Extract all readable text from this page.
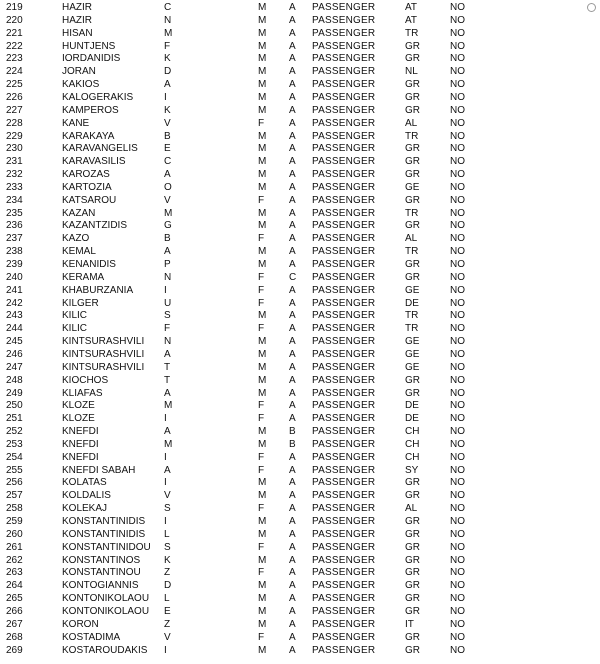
219	HAZIR	C	M A PASSENGER	AT	NO
220	HAZIR	N	M A PASSENGER	AT	NO
221	HISAN	M	M A PASSENGER	TR	NO
222	HUNTJENS	F	M A PASSENGER	GR	NO
223	IORDANIDIS	K	M A PASSENGER	GR	NO
224	JORAN	D	M A PASSENGER	NL	NO
225	KAKIOS	A	M A PASSENGER	GR	NO
226	KALOGERAKIS	I	M A PASSENGER	GR	NO
227	KAMPEROS	K	M A PASSENGER	GR	NO
228	KANE	V	F A PASSENGER	AL	NO
229	KARAKAYA	B	M A PASSENGER	TR	NO
230	KARAVANGELIS	E	M A PASSENGER	GR	NO
231	KARAVASILIS	C	M A PASSENGER	GR	NO
232	KAROZAS	A	M A PASSENGER	GR	NO
233	KARTOZIA	O	M A PASSENGER	GE	NO
234	KATSAROU	V	F A PASSENGER	GR	NO
235	KAZAN	M	M A PASSENGER	TR	NO
236	KAZANTZIDIS	G	M A PASSENGER	GR	NO
237	KAZO	B	F A PASSENGER	AL	NO
238	KEMAL	A	M A PASSENGER	TR	NO
239	KENANIDIS	P	M A PASSENGER	GR	NO
240	KERAMA	N	F C PASSENGER	GR	NO
241	KHABURZANIA	I	F A PASSENGER	GE	NO
242	KILGER	U	F A PASSENGER	DE	NO
243	KILIC	S	M A PASSENGER	TR	NO
244	KILIC	F	F A PASSENGER	TR	NO
245	KINTSURASHVILI N	M A PASSENGER	GE	NO
246	KINTSURASHVILI A	M A PASSENGER	GE	NO
247	KINTSURASHVILI T	M A PASSENGER	GE	NO
248	KIOCHOS	T	M A PASSENGER	GR	NO
249	KLIAFAS	A	M A PASSENGER	GR	NO
250	KLOZE	M	F A PASSENGER	DE	NO
251	KLOZE	I	F A PASSENGER	DE	NO
252	KNEFDI	A	M B PASSENGER	CH	NO
253	KNEFDI	M	M B PASSENGER	CH	NO
254	KNEFDI	I	F A PASSENGER	CH	NO
255	KNEFDI SABAH	A	F A PASSENGER	SY	NO
256	KOLATAS	I	M A PASSENGER	GR	NO
257	KOLDALIS	V	M A PASSENGER	GR	NO
258	KOLEKAJ	S	F A PASSENGER	AL	NO
259	KONSTANTINIDIS I	M A PASSENGER	GR	NO
260	KONSTANTINIDIS L	M A PASSENGER	GR	NO
261	KONSTANTINIDOU S	F A PASSENGER	GR	NO
262	KONSTANTINOS K	M A PASSENGER	GR	NO
263	KONSTANTINOU Z	F A PASSENGER	GR	NO
264	KONTOGIANNIS	D	M A PASSENGER	GR	NO
265	KONTONIKOLAOU L	M A PASSENGER	GR	NO
266	KONTONIKOLAOU E	M A PASSENGER	GR	NO
267	KORON	Z	M A PASSENGER	IT	NO
268	KOSTADIMA	V	F A PASSENGER	GR	NO
269	KOSTAROUDAKIS I	M A PASSENGER	GR	NO
